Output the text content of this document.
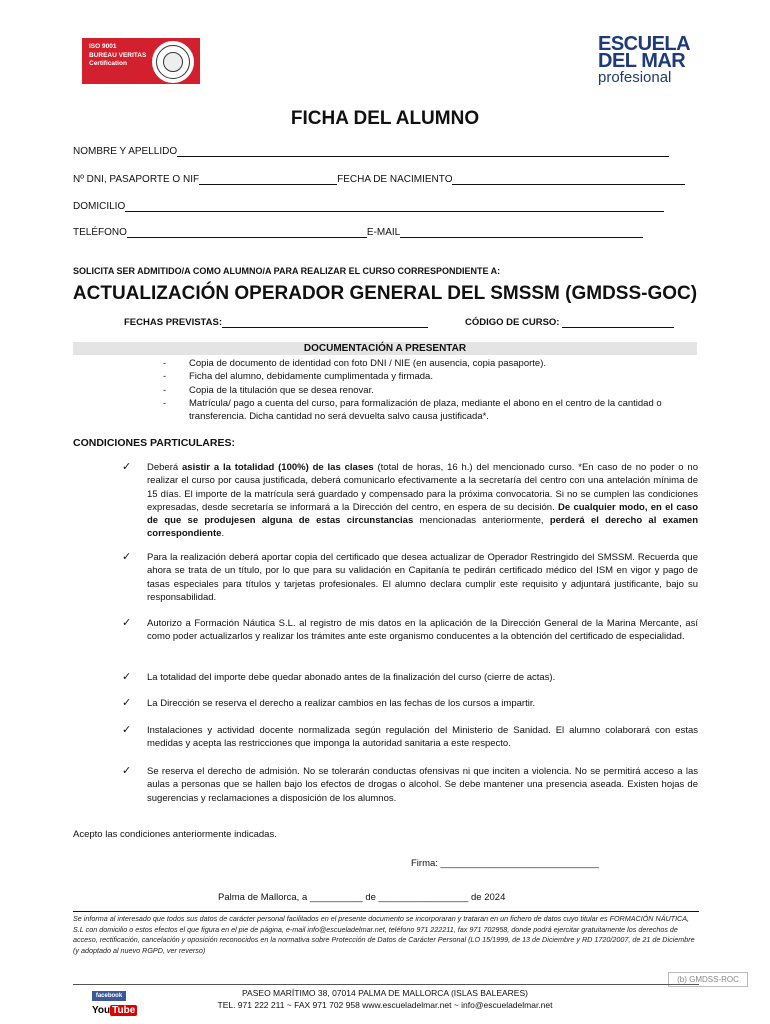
ISO 9001
BUREAU VERITAS
Certification
ESCUELA
DEL MAR
profesional
FICHA DEL ALUMNO
NOMBRE Y APELLIDO
Nº DNI, PASAPORTE O NIF	FECHA DE NACIMIENTO
DOMICILIO
TELÉFONO	E-MAIL
SOLICITA SER ADMITIDO/A COMO ALUMNO/A PARA REALIZAR EL CURSO CORRESPONDIENTE A:
ACTUALIZACIÓN OPERADOR GENERAL DEL SMSSM (GMDSS-GOC)
FECHAS PREVISTAS:	CÓDIGO DE CURSO:
DOCUMENTACIÓN A PRESENTAR
- Copia de documento de identidad con foto DNI / NIE (en ausencia, copia pasaporte).
- Ficha del alumno, debidamente cumplimentada y firmada.
- Copia de la titulación que se desea renovar.
- Matrícula/ pago a cuenta del curso, para formalización de plaza, mediante el abono en el centro de la cantidad o transferencia. Dicha cantidad no será devuelta salvo causa justificada*.
CONDICIONES PARTICULARES:
✓ Deberá asistir a la totalidad (100%) de las clases (total de horas, 16 h.) del mencionado curso. *En caso de no poder o no realizar el curso por causa justificada, deberá comunicarlo efectivamente a la secretaría del centro con una antelación mínima de 15 días. El importe de la matrícula será guardado y compensado para la próxima convocatoria. Si no se cumplen las condiciones expresadas, desde secretaría se informará a la Dirección del centro, en espera de su decisión. De cualquier modo, en el caso de que se produjesen alguna de estas circunstancias mencionadas anteriormente, perderá el derecho al examen correspondiente.
✓ Para la realización deberá aportar copia del certificado que desea actualizar de Operador Restringido del SMSSM. Recuerda que ahora se trata de un título, por lo que para su validación en Capitanía te pedirán certificado médico del ISM en vigor y pago de tasas especiales para títulos y tarjetas profesionales. El alumno declara cumplir este requisito y adjuntará justificante, bajo su responsabilidad.
✓ Autorizo a Formación Náutica S.L. al registro de mis datos en la aplicación de la Dirección General de la Marina Mercante, así como poder actualizarlos y realizar los trámites ante este organismo conducentes a la obtención del certificado de especialidad.
✓ La totalidad del importe debe quedar abonado antes de la finalización del curso (cierre de actas).
✓ La Dirección se reserva el derecho a realizar cambios en las fechas de los cursos a impartir.
✓ Instalaciones y actividad docente normalizada según regulación del Ministerio de Sanidad. El alumno colaborará con estas medidas y acepta las restricciones que imponga la autoridad sanitaria a este respecto.
✓ Se reserva el derecho de admisión. No se tolerarán conductas ofensivas ni que inciten a violencia. No se permitirá acceso a las aulas a personas que se hallen bajo los efectos de drogas o alcohol. Se debe mantener una presencia aseada. Existen hojas de sugerencias y reclamaciones a disposición de los alumnos.
Acepto las condiciones anteriormente indicadas.
Firma: ______________________________
Palma de Mallorca, a __________ de _________________ de 2024
Se informa al interesado que todos sus datos de carácter personal facilitados en el presente documento se incorporaran y trataran en un fichero de datos cuyo titular es FORMACIÓN NÁUTICA, S.L con domicilio o estos efectos el que figura en el pie de página, e-mail info@escueladelmar.net, teléfono 971 222211, fax 971 702958, donde podrá ejercitar gratuitamente los derechos de acceso, rectificación, cancelación y oposición reconocidos en la normativa sobre Protección de Datos de Carácter Personal (LO 15/1999, de 13 de Diciembre y RD 1720/2007, de 21 de Diciembre (y adoptado al nuevo RGPD, ver reverso)
(b) GMDSS-ROC
facebook
You Tube
PASEO MARÍTIMO 38, 07014 PALMA DE MALLORCA (ISLAS BALEARES)
TEL. 971 222 211 ~ FAX 971 702 958 www.escueladelmar.net ~ info@escueladelmar.net
